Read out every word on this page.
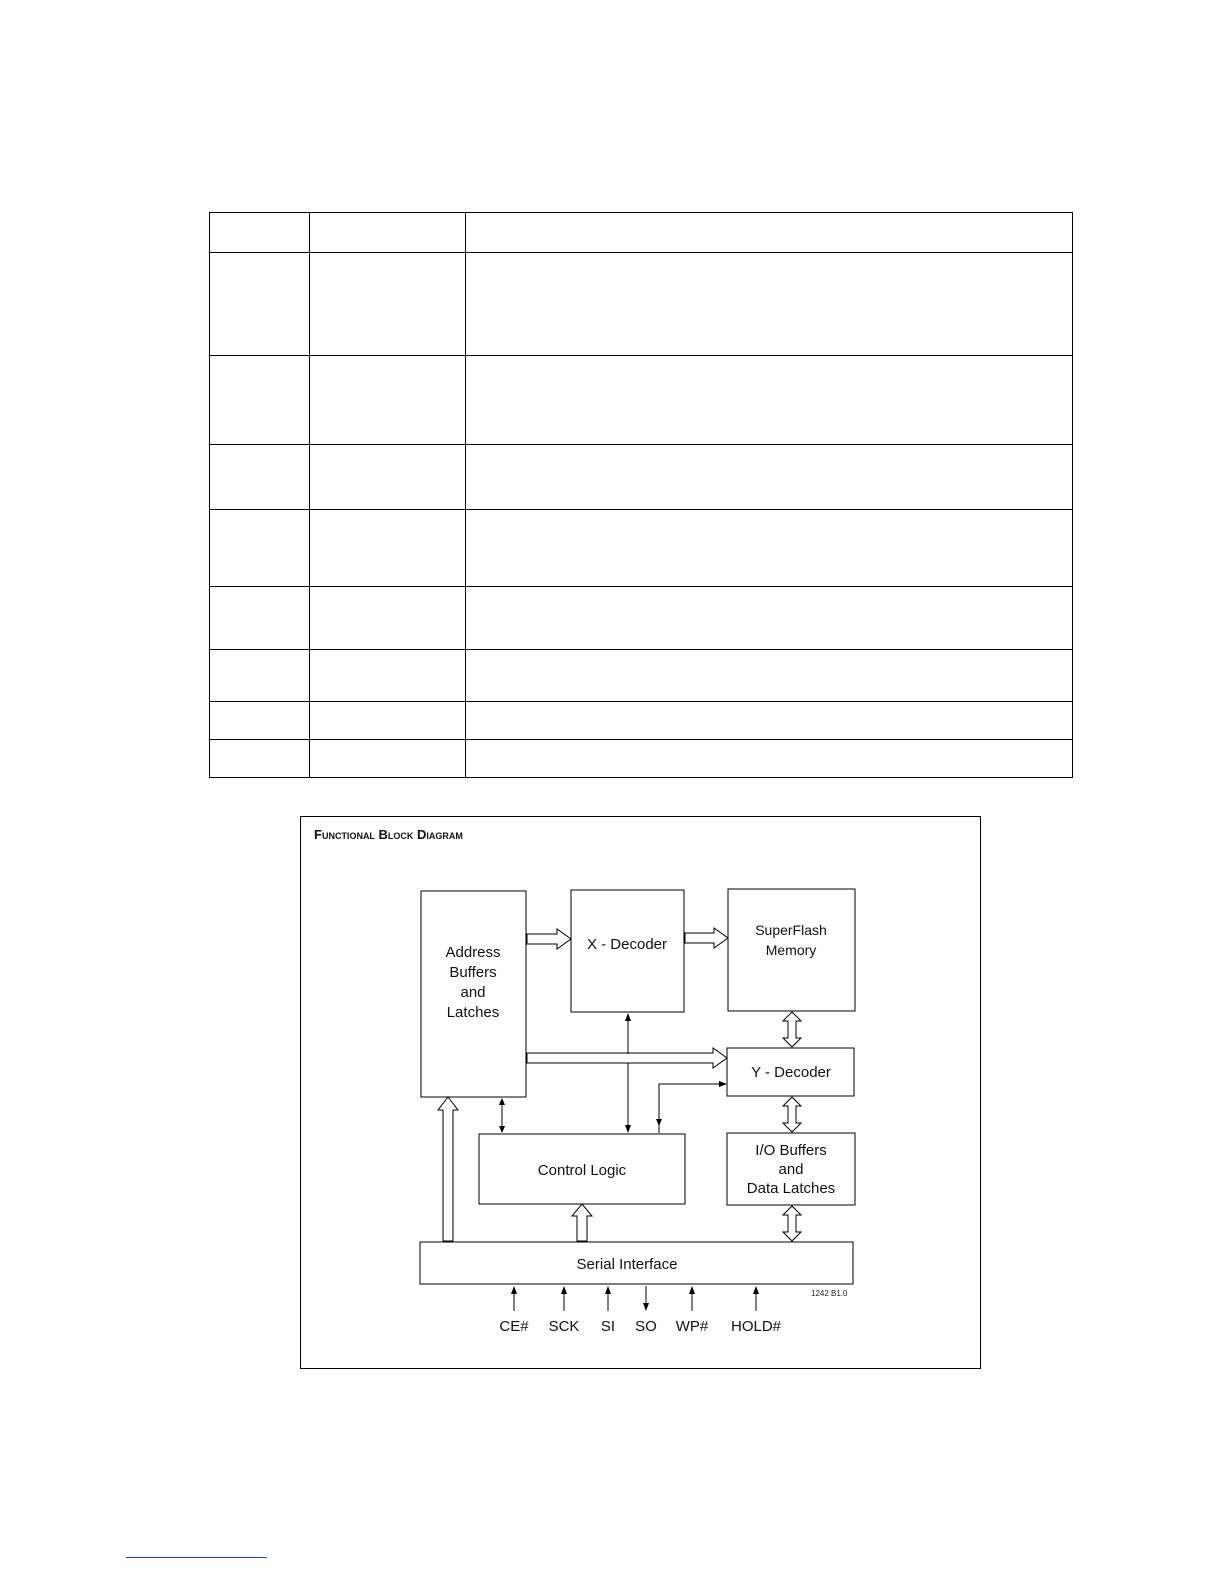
Functional Block Diagram
Address
Buffers
and
Latches
X - Decoder
SuperFlash
Memory
Y - Decoder
Control Logic
I/O Buffers
and
Data Latches
Serial Interface
CE# SCK SI SO WP# HOLD#
1242 B1.0
